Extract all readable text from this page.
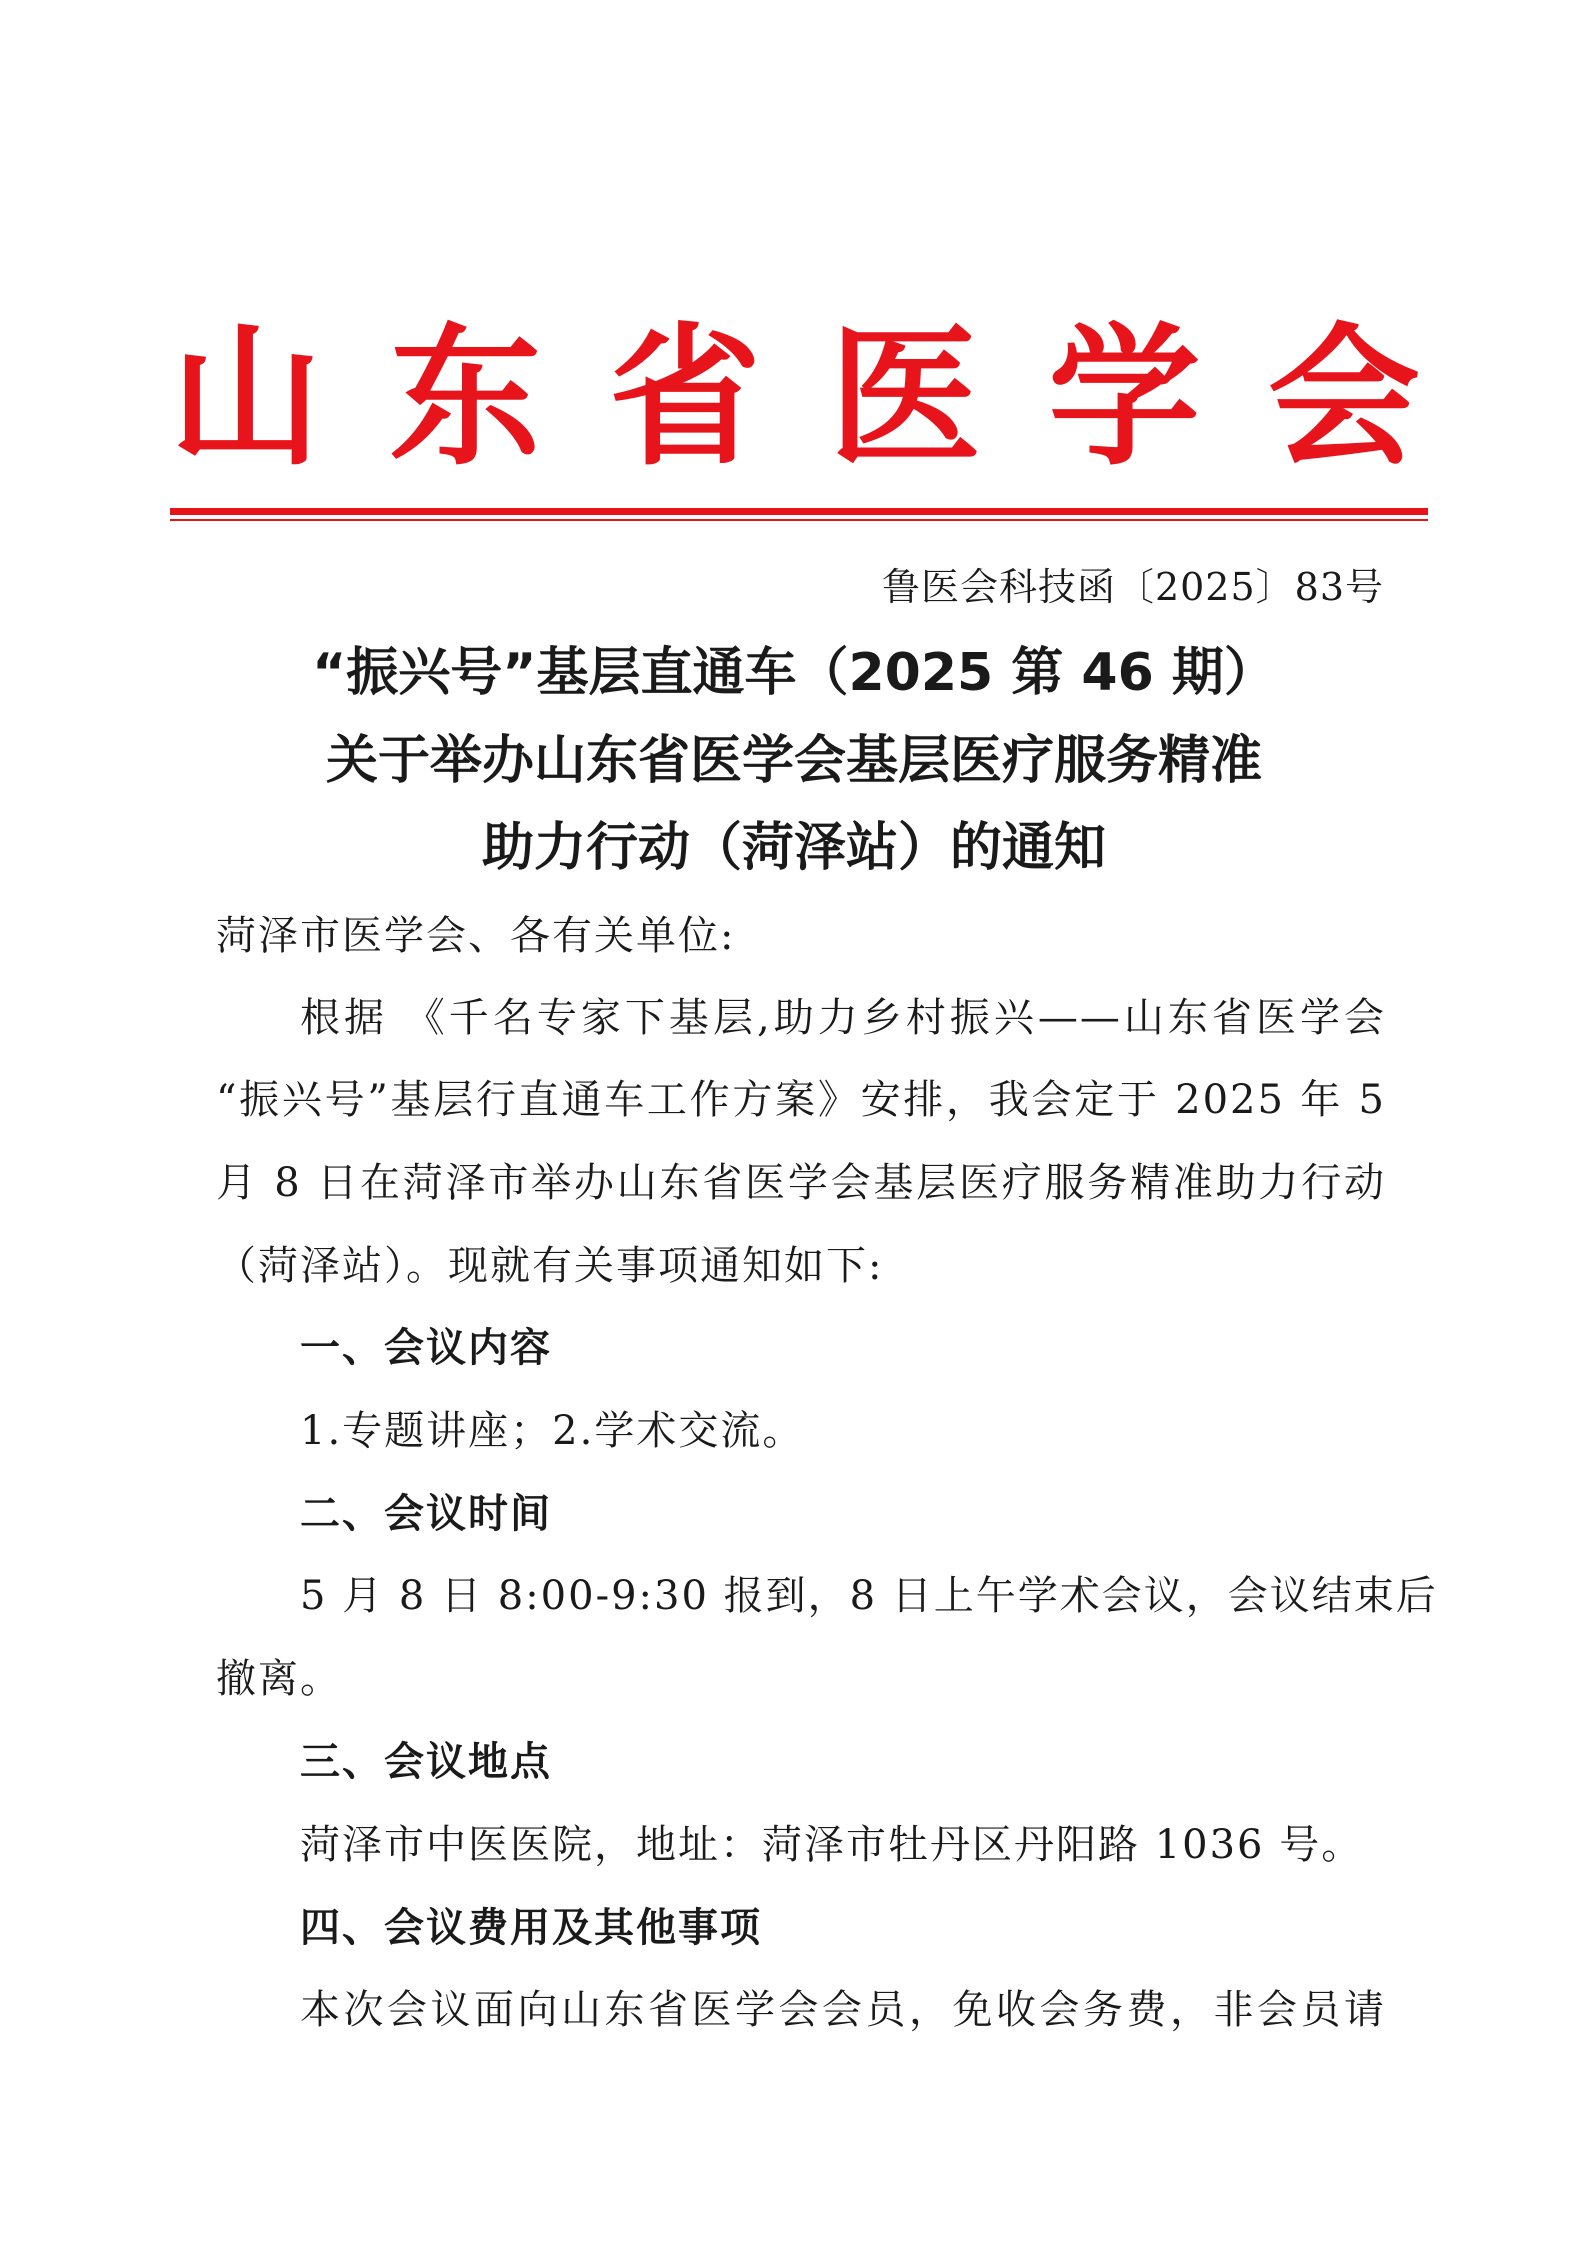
山 东 省 医 学 会
鲁医会科技函〔2025〕83号
“振兴号”基层直通车（2025 第 46 期）
关于举办山东省医学会基层医疗服务精准
助力行动（菏泽站）的通知
菏泽市医学会、各有关单位:
根据 《千名专家下基层,助力乡村振兴——山东省医学会
“振兴号”基层行直通车工作方案》安排，我会定于 2025 年 5
月 8 日在菏泽市举办山东省医学会基层医疗服务精准助力行动
（菏泽站）。现就有关事项通知如下:
一、会议内容
1.专题讲座；2.学术交流。
二、会议时间
5 月 8 日 8:00-9:30 报到，8 日上午学术会议，会议结束后
撤离。
三、会议地点
菏泽市中医医院，地址：菏泽市牡丹区丹阳路 1036 号。
四、会议费用及其他事项
本次会议面向山东省医学会会员，免收会务费，非会员请
